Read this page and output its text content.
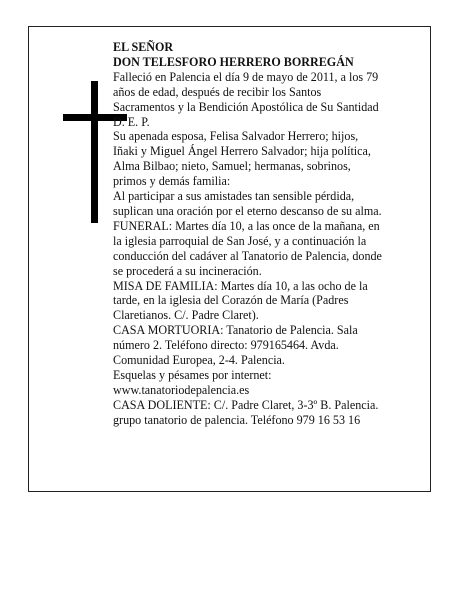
EL SEÑOR
DON TELESFORO HERRERO BORREGÁN
Falleció en Palencia el día 9 de mayo de 2011, a los 79
años de edad, después de recibir los Santos
Sacramentos y la Bendición Apostólica de Su Santidad
D. E. P.
Su apenada esposa, Felisa Salvador Herrero; hijos,
Iñaki y Miguel Ángel Herrero Salvador; hija política,
Alma Bilbao; nieto, Samuel; hermanas, sobrinos,
primos y demás familia:
Al participar a sus amistades tan sensible pérdida,
suplican una oración por el eterno descanso de su alma.
FUNERAL: Martes día 10, a las once de la mañana, en
la iglesia parroquial de San José, y a continuación la
conducción del cadáver al Tanatorio de Palencia, donde
se procederá a su incineración.
MISA DE FAMILIA: Martes día 10, a las ocho de la
tarde, en la iglesia del Corazón de María (Padres
Claretianos. C/. Padre Claret).
CASA MORTUORIA: Tanatorio de Palencia. Sala
número 2. Teléfono directo: 979165464. Avda.
Comunidad Europea, 2-4. Palencia.
Esquelas y pésames por internet:
www.tanatoriodepalencia.es
CASA DOLIENTE: C/. Padre Claret, 3-3º B. Palencia.
grupo tanatorio de palencia. Teléfono 979 16 53 16
